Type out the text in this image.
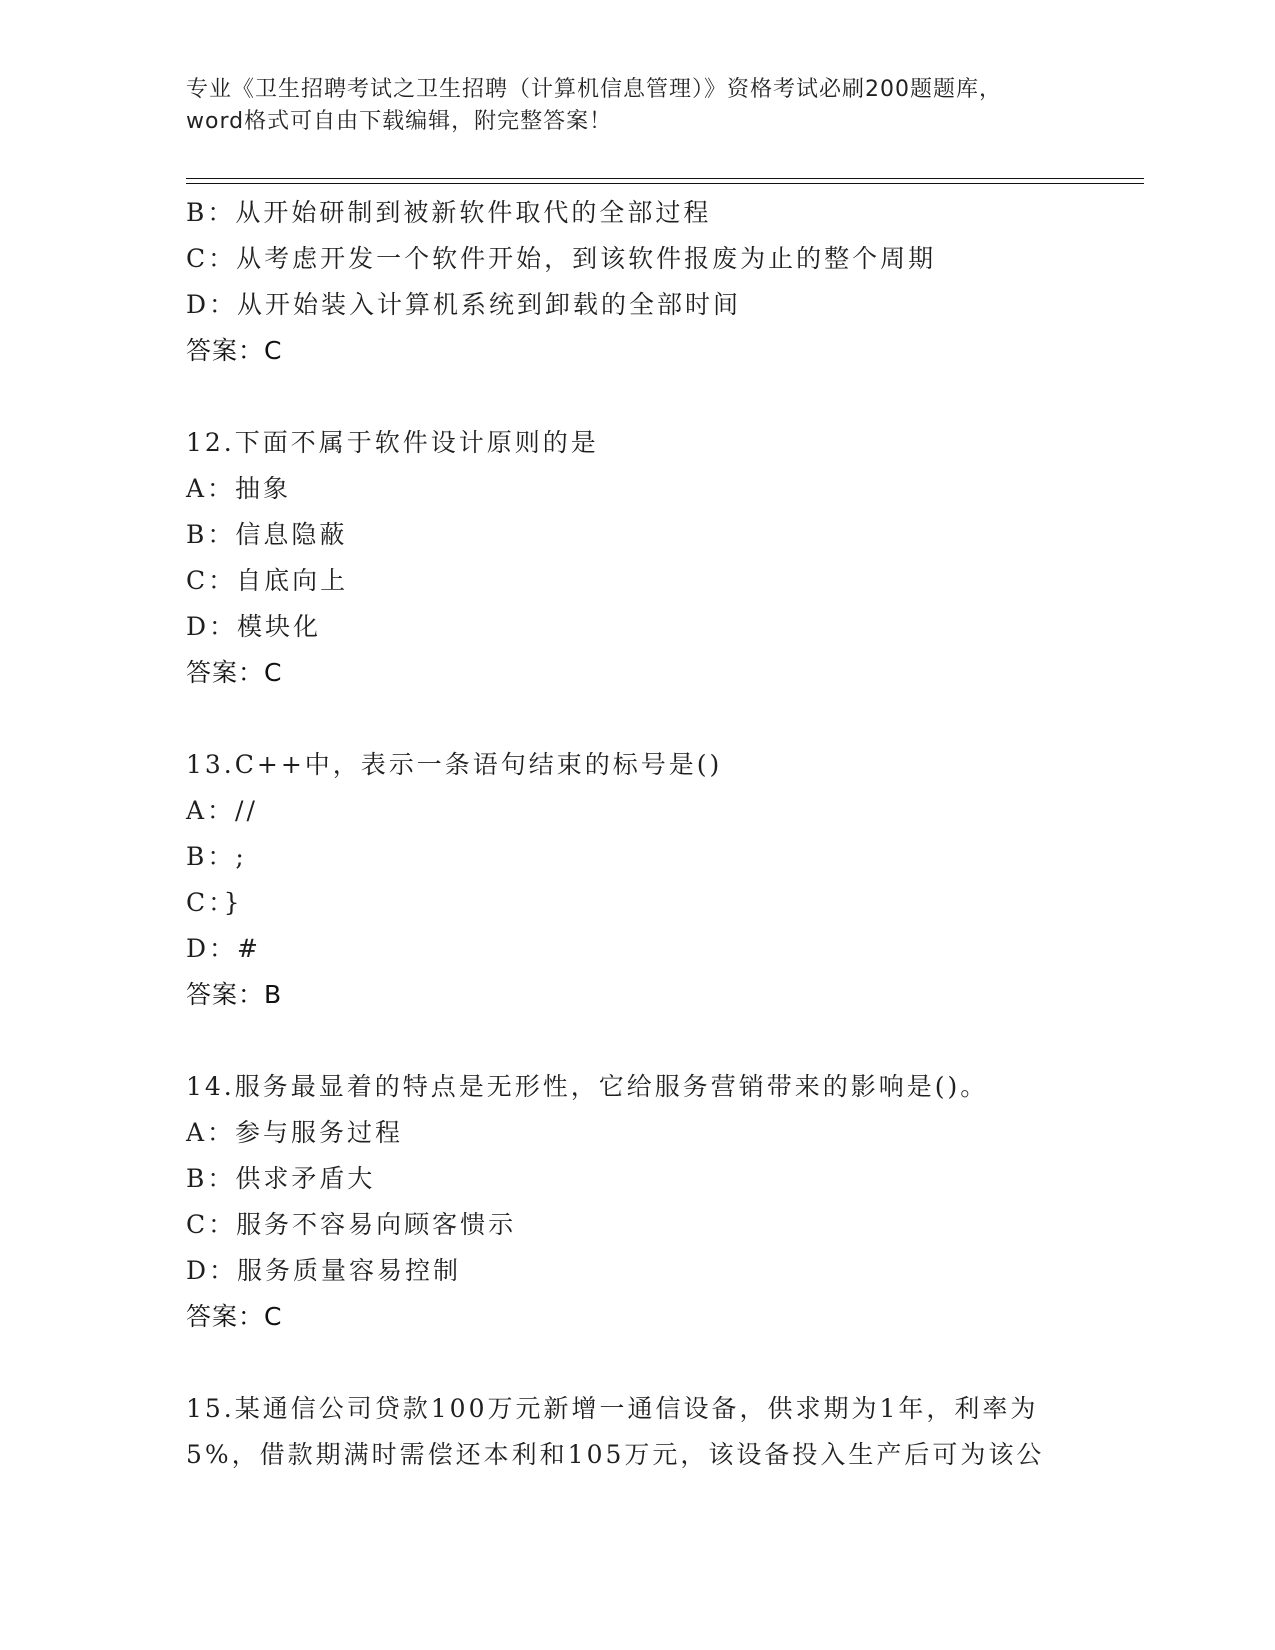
专业《卫生招聘考试之卫生招聘（计算机信息管理）》资格考试必刷200题题库，
word格式可自由下载编辑，附完整答案！
B：从开始研制到被新软件取代的全部过程
C：从考虑开发一个软件开始，到该软件报废为止的整个周期
D：从开始装入计算机系统到卸载的全部时间
答案：C
12.下面不属于软件设计原则的是
A：抽象
B：信息隐蔽
C：自底向上
D：模块化
答案：C
13.C++中，表示一条语句结束的标号是()
A：//
B：;
C：}
D：#
答案：B
14.服务最显着的特点是无形性，它给服务营销带来的影响是()。
A：参与服务过程
B：供求矛盾大
C：服务不容易向顾客愦示
D：服务质量容易控制
答案：C
15.某通信公司贷款100万元新增一通信设备，供求期为1年，利率为
5%，借款期满时需偿还本利和105万元，该设备投入生产后可为该公
